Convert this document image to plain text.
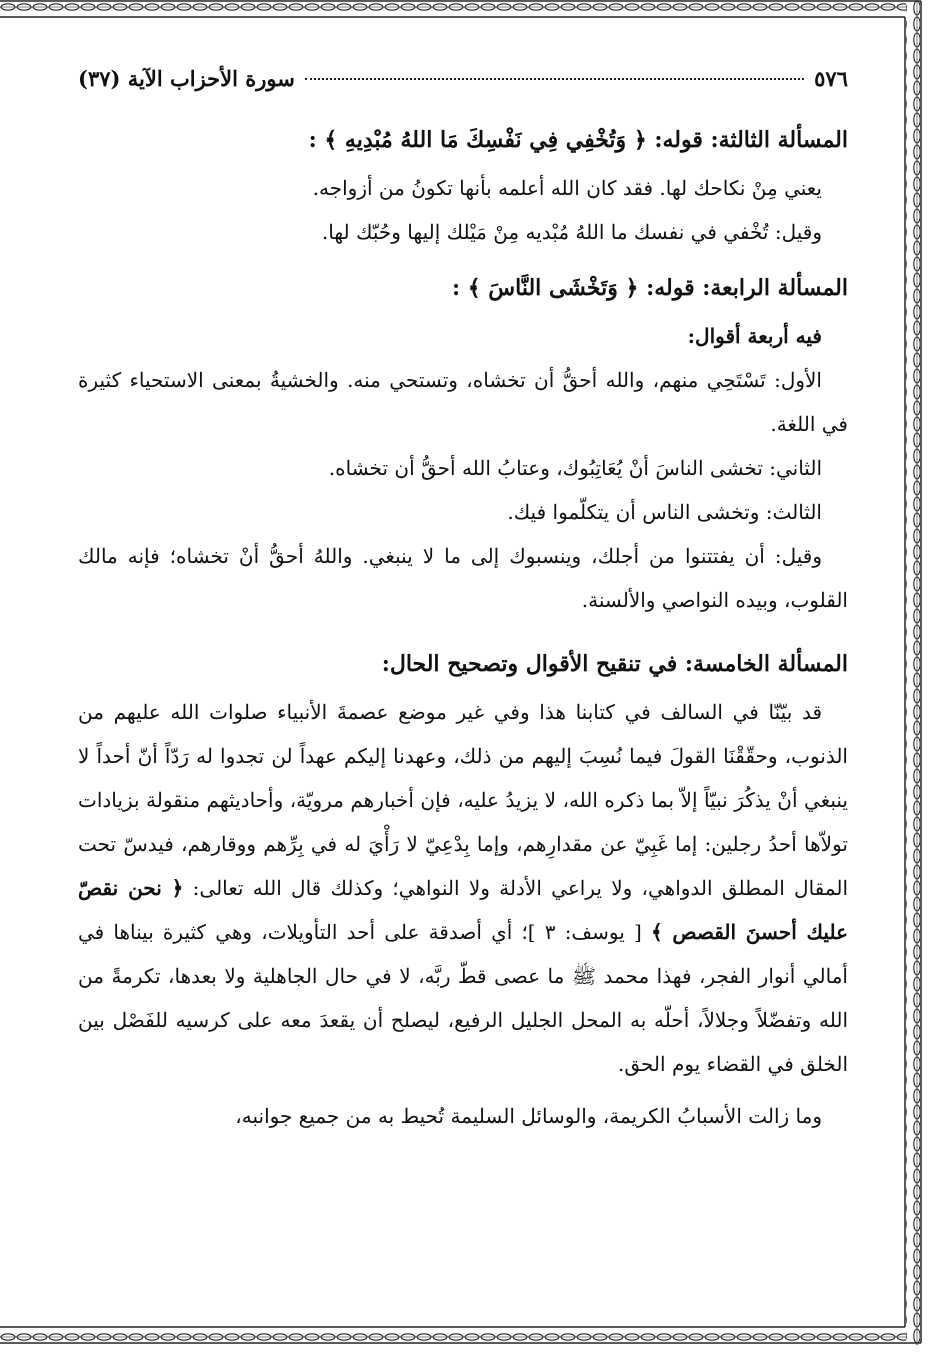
٥٧٦
سورة الأحزاب الآية (٣٧)
المسألة الثالثة: قوله: ﴿ وَتُخْفِي فِي نَفْسِكَ مَا اللهُ مُبْدِيهِ ﴾ :

يعني مِنْ نكاحك لها. فقد كان الله أعلمه بأنها تكونُ من أزواجه.

وقيل: تُخْفي في نفسك ما اللهُ مُبْديه مِنْ مَيْلك إليها وحُبّك لها.

المسألة الرابعة: قوله: ﴿ وَتَخْشَى النَّاسَ ﴾ :

فيه أربعة أقوال:

الأول: تَسْتَحِي منهم، والله أحقُّ أن تخشاه، وتستحي منه. والخشيةُ بمعنى الاستحياء كثيرة في اللغة.

الثاني: تخشى الناسَ أنْ يُعَاتِبُوك، وعتابُ الله أحقُّ أن تخشاه.

الثالث: وتخشى الناس أن يتكلّموا فيك.

وقيل: أن يفتتنوا من أجلك، وينسبوك إلى ما لا ينبغي. واللهُ أحقُّ أنْ تخشاه؛ فإنه مالك القلوب، وبيده النواصي والألسنة.

المسألة الخامسة: في تنقيح الأقوال وتصحيح الحال:

قد بيّنّا في السالف في كتابنا هذا وفي غير موضع عصمةَ الأنبياء صلوات الله عليهم من الذنوب، وحقّقْنَا القولَ فيما نُسِبَ إليهم من ذلك، وعهدنا إليكم عهداً لن تجدوا له رَدّاً أنّ أحداً لا ينبغي أنْ يذكُرَ نبيّاً إلاّ بما ذكره الله، لا يزيدُ عليه، فإن أخبارهم مرويّة، وأحاديثهم منقولة بزيادات تولاّها أحدُ رجلين: إما غَبِيّ عن مقدارِهم، وإما بِدْعِيّ لا رَأْيَ له في بِرِّهم ووقارهم، فيدسّ تحت المقال المطلق الدواهي، ولا يراعي الأدلة ولا النواهي؛ وكذلك قال الله تعالى: ﴿ نحن نقصّ عليك أحسنَ القصص ﴾ [ يوسف: ٣ ]؛ أي أصدقة على أحد التأويلات، وهي كثيرة بيناها في أمالي أنوار الفجر، فهذا محمد ﷺ ما عصى قطّ ربَّه، لا في حال الجاهلية ولا بعدها، تكرمةً من الله وتفضّلاً وجلالاً، أحلّه به المحل الجليل الرفيع، ليصلح أن يقعدَ معه على كرسيه للفَصْل بين الخلق في القضاء يوم الحق.

وما زالت الأسبابُ الكريمة، والوسائل السليمة تُحيط به من جميع جوانبه،
